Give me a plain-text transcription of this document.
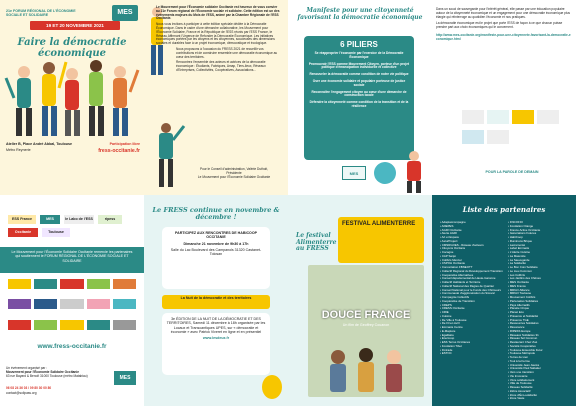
21e FORUM RÉGIONAL DE L'ÉCONOMIE SOCIALE ET SOLIDAIRE	MES
19 ET 20 NOVEMBRE 2021
Faire la démocratie économique
Atelier B, Place André Abbal, Toulouse
Métro Reynerie
Participation libre
fress-occitanie.fr
ESS France	MES	le Labo de l'ESS	ripess
Occitanie	Toulouse
Le Mouvement pour l'Économie Solidaire Occitanie remercie les partenaires qui soutiennent le FORUM RÉGIONAL DE L'ÉCONOMIE SOCIALE ET SOLIDAIRE
www.fress-occitanie.fr
Un événement organisé par :
Mouvement pour l'Économie Solidaire Occitanie
63 rue Bayard & Benoît 31000 Toulouse (métro Matabiau)
06 08 24 36 03 / 09 80 30 00 80
contact@solipass.org
MES

Le Mouvement pour l'Économie solidaire Occitanie est heureux de vous convier au 21e Forum régional de l'Économie sociale et solidaire. Cette édition est un des événements majeurs du Mois de l'ESS, animé par la Chambre Régionale de l'ESS Occitanie.

Nous vous invitons à participer à cette édition spéciale dédiée à la Démocratie Économique. Dans le cadre d'une démarche collaborative, les Mouvement pour l'Économie Solidaire, France et la République de l'ESS réunis par l'ESS France, le Réseau Affirmant l'Urgence de Refonder la Démocratie Économique. Les initiatives économiques portées par les citoyens et les citoyennes, soucieuses des dimensions sociales et durables face à un projet économique, démocratique et écologique.

Nous proposons à l'occasion du FRESS 2021 de recueillir vos contributions et de construire ensemble une démocratie économique au cœur des territoires.

Rencontrez l'ensemble des acteurs et actrices de la démocratie économique : Étudiants, Fabriques, Amap, Tiers-lieux, Réseaux d'Entreprises, Collectivités, Coopératives, Associations...

Pour le Conseil d'administration, Valérie Duthoit, Présidente

Le Mouvement pour l'Économie Solidaire Occitanie

Le FRESS continue en novembre & décembre !
PARTICIPEZ AUX RENCONTRES DE HABICOOP OCCITANIE
Dimanche 21 novembre de 9h30 à 17h
Salle du Lac Boulevard des Campanols 31320 Castanet-Tolosan
La Nuit de la démocratie et des territoires
3e ÉDITION DE LA NUIT DE LA DÉMOCRATIE ET DES TERRITOIRES, Samedi 11 décembre à 18h organisée par les Locaux et Transcantiques UPES, sur « démocratie et économie » avec Patrick Viveret en ligne et en présentiel
www.lesdeux.fr
Manifeste pour une citoyenneté favorisant la démocratie économique
6 PILIERS
Se réapproprier l'économie par l'exercice de la Démocratie Économique
Promouvoir l'ESS comme Mouvement Citoyen, porteur d'un projet politique d'émancipation individuelle et collective
Renouveler la démocratie comme condition de notre vie politique
Oser une économie solidaire et populaire porteuse de justice sociale
Reconnaître l'engagement citoyen au cœur d'une démarche de construction locale
Défendre la citoyenneté comme condition de la transition et de la résilience
MES
Le festival Alimenterre au FRESS
FESTIVAL ALIMENTERRE
DOUCE FRANCE
Un film de Geoffrey Couanon

Dans un souci de sauvegarde pour l'intérêt général, elle passe par une éducation populaire autour de la citoyenneté économique et un engagement pour une démocratie économique plus élargie qui réinterroge au quotidien l'économie et nos pratiques.

La démocratie économique est le projet que porte l'ESS de façon à ce que chacun puisse prendre part aux choix économiques qui le concernent.

http://www.mes-occitanie.org/manifeste-pour-une-citoyennete-favorisant-la-democratie-economique.html

POUR LA PAROLE DE DEMAIN
Liste des partenaires
• Adaptaccompagne
• ADEPES
• AGIR Occitanie
• Alerte AGRI
• Art et Espace
• AsturProject
• CMSRGOES - Réseau d'acteurs
• Citoyens Occitans
• Cocagne
• CAP Sanjé
• Colibris Mercier
• CSPOH Occitanie
• Concertation FBNEOTT
• Collectif Régional du Développement Transition
• Cooperative Alternatives
• Conseil départemental de Haute-Garonne
• Collectif Habitants et Territoire
• Collectif National des Régies de Quartier
• Conseil National pour le Fonds des Chômeurs
• Communauté d'agglomération du Sicoval
• Compagnie Collectifs
• Coopérative de Transition
• CREPS
• CRESS Occitanie
• CRIE
• Cuisine
• De Ville à Toulouse
• De Fil en Avril
• Emmaüs Centre
• E-Mapture
• Egalitaire
• Enercoop
• ESS Terres Occitanes
• Fondation Tibet
• Fintrade
• ESTOC
• FNCOFIO
• Fondation Orange
• France Active Occitanie
• Générations Futures
• HabiCoop
• Illuminons Brique
• Lacremonté
• Label Emmaüs
• L'Alerte Cuisine
• La Mascotte
• La Sauvegarde
• La Solidarité
• Le Bon Coin Solidaire
• Le Lieu Commun
• Les Colibris
• Les Jardins des Chênes
• MES Occitanie
• MES France
• MRGO Alliance
• MRGO Toulouse
• Mouvement Colibris
• Partenaires Solidaires
• Pays Alternatifs
• Planète Cirque
• Planet Eco
• Présence et Solidarité
• Présence TGE
• Ressources Solidaires
• Résonance
• RIPESS Europe
• Réseaux Solidaires 31
• Réseau Sol Commun
• Restaurant Chez Zoé
• Société Coopérative
• Toulouse Ensemble Futur
• Toulouse Métropole
• Terres de Lien
• Tout à la Ferme
• Université Jean Jaurès
• Université Paul Sabatier
• Vers une transition
• Vie Innovante
• Vivre solidairement
• Ville de Toulouse
• Réseau Solidarité
• Zèbre Associatif
• Zone d'Éco-solidarité
• Zone Vaste
